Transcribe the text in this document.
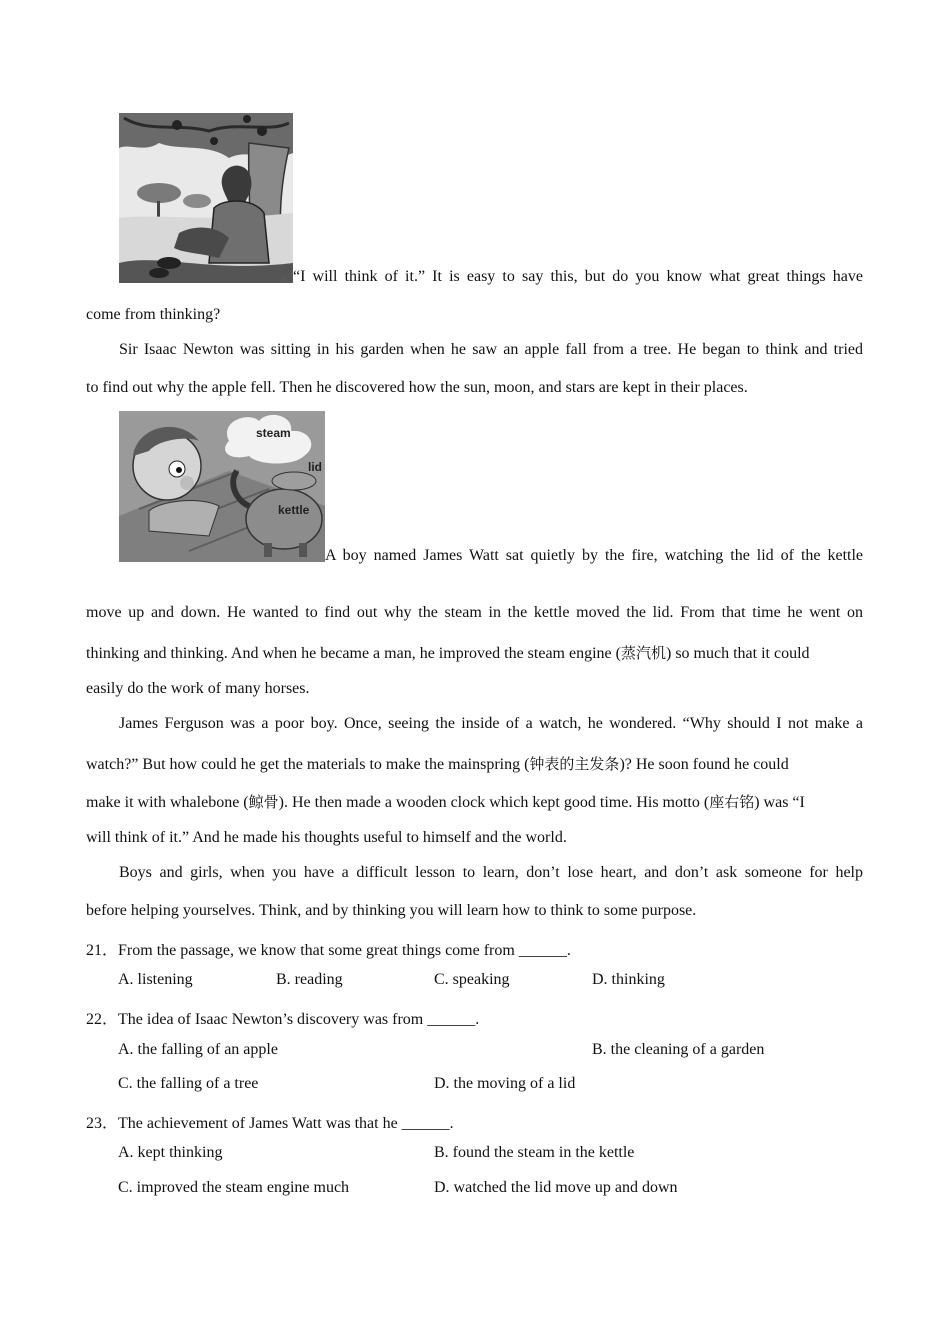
^ “I will think of it.” It is easy to say this, but do you know what great things have
come from thinking?
Sir Isaac Newton was sitting in his garden when he saw an apple fall from a tree. He began to think and tried
to find out why the apple fell. Then he discovered how the sun, moon, and stars are kept in their places.
steam
lid
kettle
A boy named James Watt sat quietly by the fire, watching the lid of the kettle
move up and down. He wanted to find out why the steam in the kettle moved the lid. From that time he went on
thinking and thinking. And when he became a man, he improved the steam engine (蒸汽机) so much that it could
easily do the work of many horses.
James Ferguson was a poor boy. Once, seeing the inside of a watch, he wondered. “Why should I not make a
watch?” But how could he get the materials to make the mainspring (钟表的主发条)? He soon found he could
make it with whalebone (鲸骨). He then made a wooden clock which kept good time. His motto (座右铭) was “I
will think of it.” And he made his thoughts useful to himself and the world.
Boys and girls, when you have a difficult lesson to learn, don’t lose heart, and don’t ask someone for help
before helping yourselves. Think, and by thinking you will learn how to think to some purpose.
21．From the passage, we know that some great things come from ______.
A. listening	B. reading	C. speaking	D. thinking
22．The idea of Isaac Newton’s discovery was from ______.
A. the falling of an apple	B. the cleaning of a garden
C. the falling of a tree	D. the moving of a lid
23．The achievement of James Watt was that he ______.
A. kept thinking	B. found the steam in the kettle
C. improved the steam engine much	D. watched the lid move up and down
